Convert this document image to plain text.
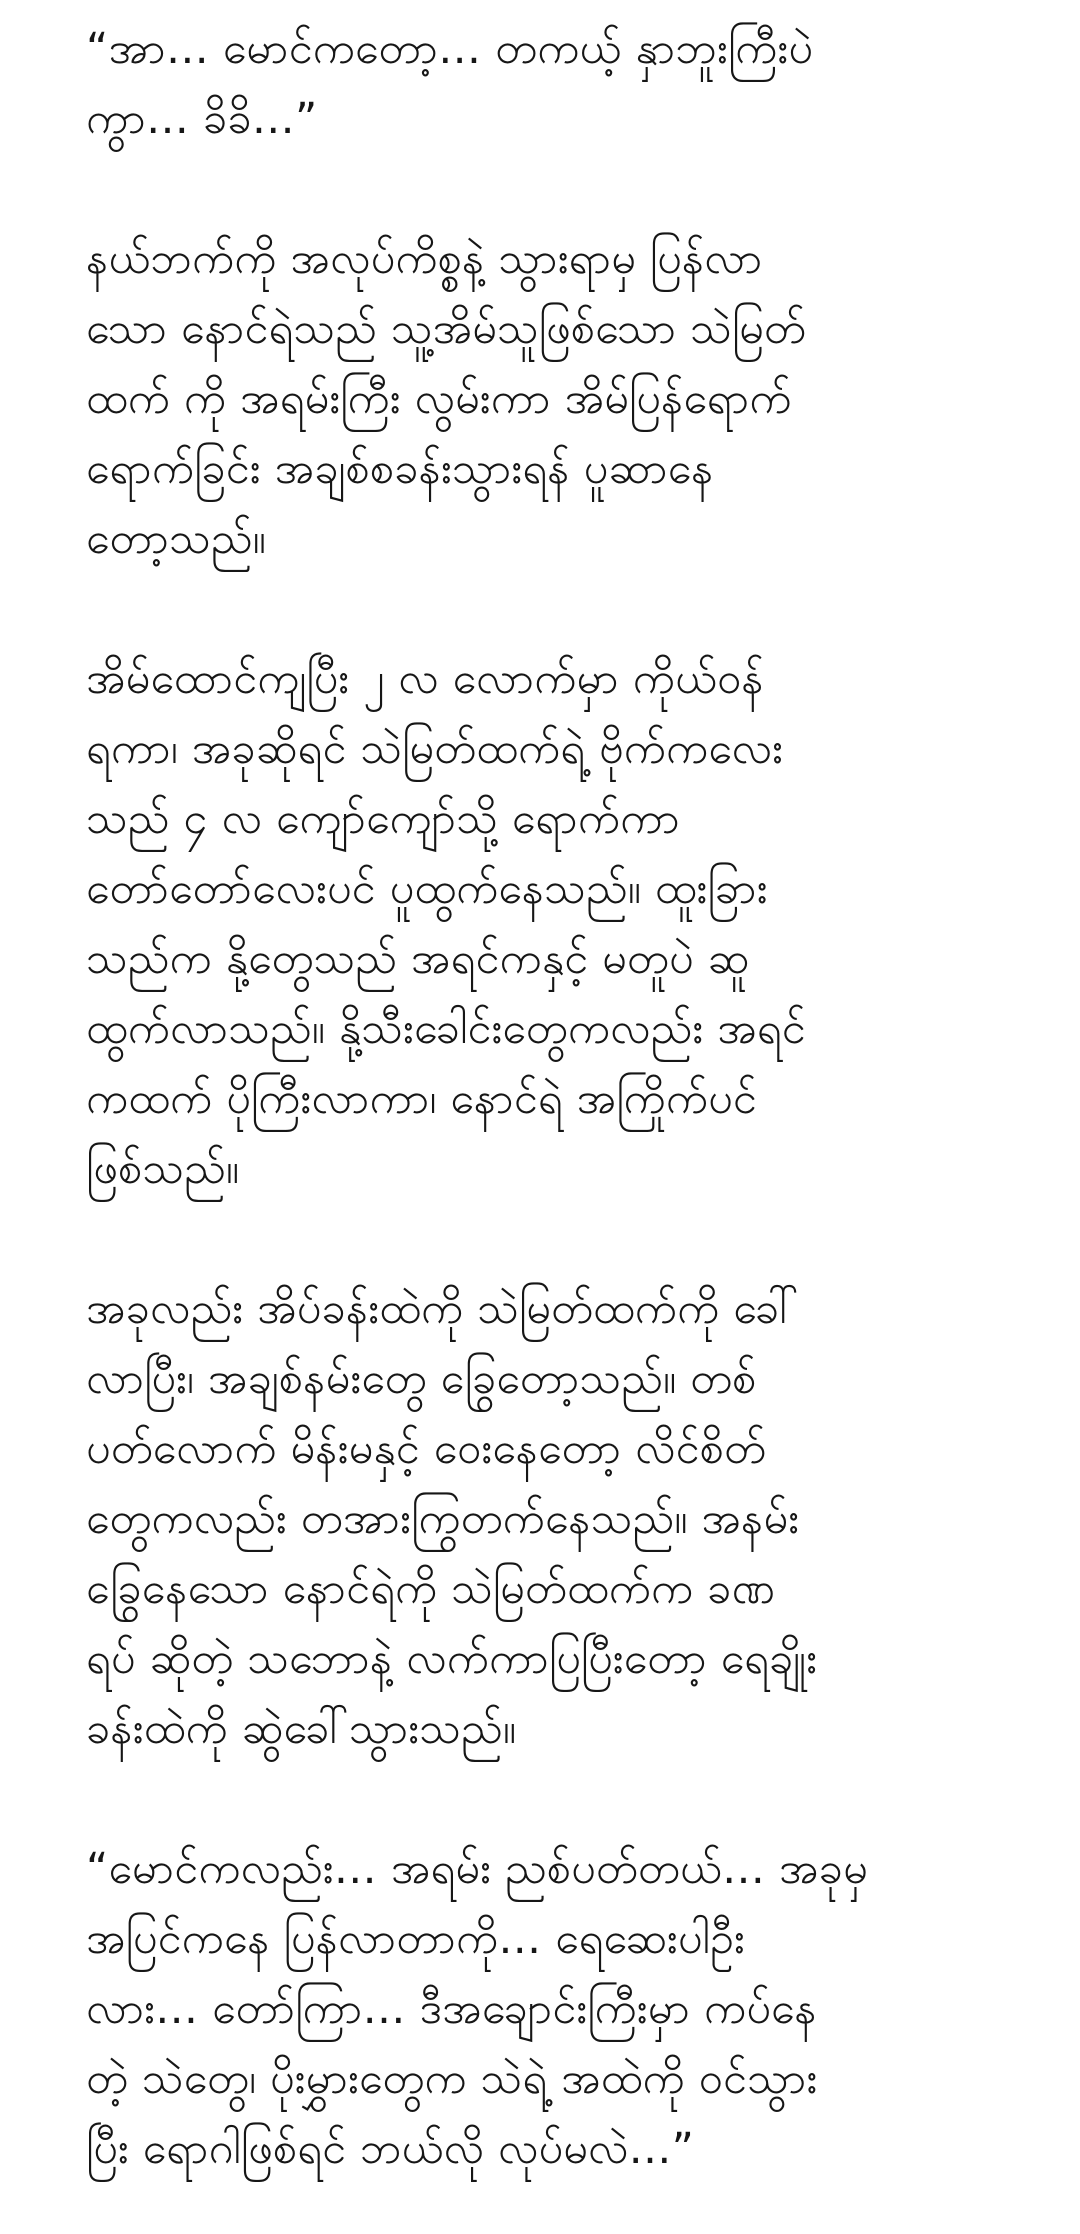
“အာ… မောင်ကတော့… တကယ့် နှာဘူးကြီးပဲ
ကွာ… ခိခိ…”

နယ်ဘက်ကို အလုပ်ကိစ္စနဲ့ သွားရာမှ ပြန်လာ
သော နောင်ရဲသည် သူ့အိမ်သူဖြစ်သော သဲမြတ်
ထက် ကို အရမ်းကြီး လွမ်းကာ အိမ်ပြန်ရောက်
ရောက်ခြင်း အချစ်စခန်းသွားရန် ပူဆာနေ
တော့သည်။

အိမ်ထောင်ကျပြီး ၂ လ လောက်မှာ ကိုယ်ဝန်
ရကာ၊ အခုဆိုရင် သဲမြတ်ထက်ရဲ့ ဗိုက်ကလေး
သည် ၄ လ ကျော်ကျော်သို့ ရောက်ကာ
တော်တော်လေးပင် ပူထွက်နေသည်။ ထူးခြား
သည်က နို့တွေသည် အရင်ကနှင့် မတူပဲ ဆူ
ထွက်လာသည်။ နို့သီးခေါင်းတွေကလည်း အရင်
ကထက် ပိုကြီးလာကာ၊ နောင်ရဲ အကြိုက်ပင်
ဖြစ်သည်။

အခုလည်း အိပ်ခန်းထဲကို သဲမြတ်ထက်ကို ခေါ်
လာပြီး၊ အချစ်နမ်းတွေ ခြွေတော့သည်။ တစ်
ပတ်လောက် မိန်းမနှင့် ဝေးနေတော့ လိင်စိတ်
တွေကလည်း တအားကြွတက်နေသည်။ အနမ်း
ခြွေနေသော နောင်ရဲကို သဲမြတ်ထက်က ခဏ
ရပ် ဆိုတဲ့ သဘောနဲ့ လက်ကာပြပြီးတော့ ရေချိုး
ခန်းထဲကို ဆွဲခေါ်သွားသည်။

“မောင်ကလည်း… အရမ်း ညစ်ပတ်တယ်… အခုမှ
အပြင်ကနေ ပြန်လာတာကို… ရေဆေးပါဦး
လား… တော်ကြာ… ဒီအချောင်းကြီးမှာ ကပ်နေ
တဲ့ သဲတွေ၊ ပိုးမွှားတွေက သဲရဲ့ အထဲကို ဝင်သွား
ပြီး ရောဂါဖြစ်ရင် ဘယ်လို လုပ်မလဲ…”
